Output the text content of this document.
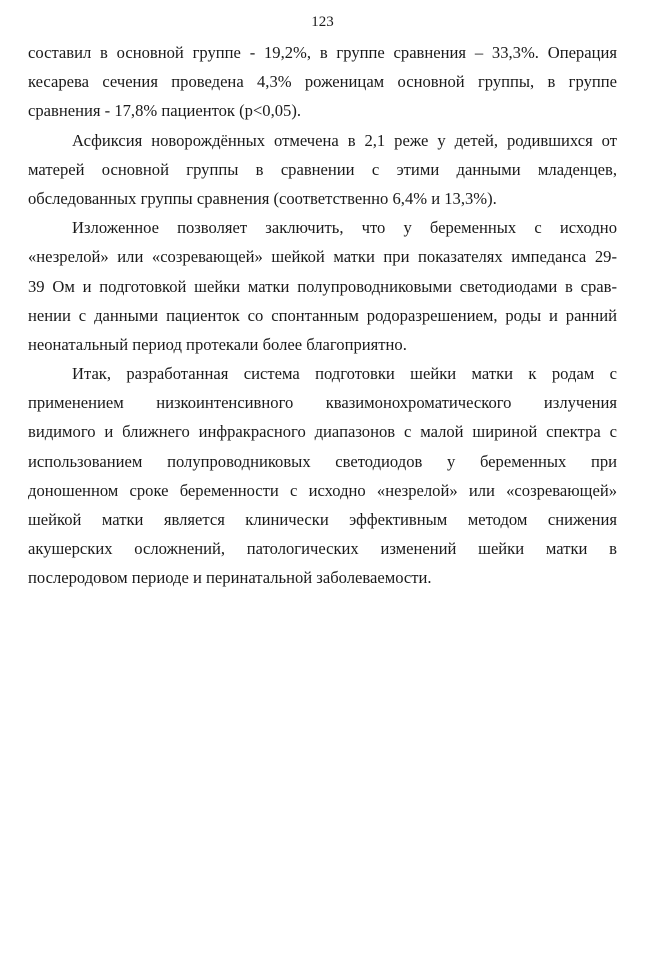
123
составил в основной группе - 19,2%, в группе сравнения – 33,3%. Операция
кесарева сечения проведена 4,3% роженицам основной группы, в группе
сравнения - 17,8% пациенток (p<0,05).
Асфиксия новорождённых отмечена в 2,1 реже у детей, родившихся от
матерей основной группы в сравнении с этими данными младенцев,
обследованных группы сравнения (соответственно 6,4% и 13,3%).
Изложенное позволяет заключить, что у беременных с исходно
«незрелой» или «созревающей» шейкой матки при показателях импеданса 29-
39 Ом и подготовкой шейки матки полупроводниковыми светодиодами в срав-
нении с данными пациенток со спонтанным родоразрешением, роды и ранний
неонатальный период протекали более благоприятно.
Итак, разработанная система подготовки шейки матки к родам с
применением низкоинтенсивного квазимонохроматического излучения
видимого и ближнего инфракрасного диапазонов с малой шириной спектра с
использованием полупроводниковых светодиодов у беременных при
доношенном сроке беременности с исходно «незрелой» или «созревающей»
шейкой матки является клинически эффективным методом снижения
акушерских осложнений, патологических изменений шейки матки в
послеродовом периоде и перинатальной заболеваемости.
